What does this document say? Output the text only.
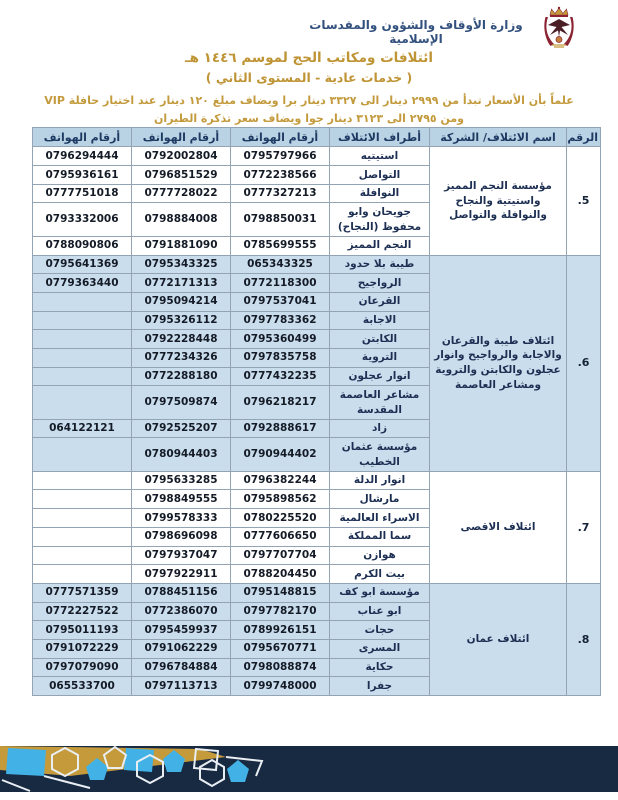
وزارة الأوقاف والشؤون والمقدسات الإسلامية
ائتلافات ومكاتب الحج لموسم ١٤٤٦ هـ
( خدمات عادية - المستوى الثاني )
علماً بأن الأسعار تبدأ من ٢٩٩٩ دينار الى ٣٣٢٧ دينار برا ويضاف مبلغ ١٢٠ دينار عند اختيار حافلة VIP
ومن ٢٧٩٥ الى ٣١٢٣ دينار جوا ويضاف سعر تذكرة الطيران
الرقم	اسم الائتلاف/ الشركة	أطراف الائتلاف	أرقام الهواتف	أرقام الهواتف	أرقام الهواتف
5.	مؤسسة النجم المميز واستيتية والنجاح والنوافلة والتواصل	استيتيه	0795797966	0792002804	0796294444
		التواصل	0772238566	0796851529	0795936161
		النوافلة	0777327213	0777728022	0777751018
		جويحان وابو محفوظ (النجاح)	0798850031	0798884008	0793332006
		النجم المميز	0785699555	0791881090	0788090806
6.	ائتلاف طيبة والقرعان والاجابة والرواجيح وانوار عجلون والكابتن والتروية ومشاعر العاصمة	طيبة بلا حدود	065343325	0795343325	0795641369
		الرواجيح	0772118300	0772171313	0779363440
		القرعان	0797537041	0795094214	
		الاجابة	0797783362	0795326112	
		الكابتن	0795360499	0792228448	
		التروية	0797835758	0777234326	
		انوار عجلون	0777432235	0772288180	
		مشاعر العاصمة المقدسة	0796218217	0797509874	
		زاد	0792888617	0792525207	064122121
		مؤسسة عثمان الخطيب	0790944402	0780944403	
7.	ائتلاف الاقصى	انوار الدلة	0796382244	0795633285	
		مارشال	0795898562	0798849555	
		الاسراء العالمية	0780225520	0799578333	
		سما المملكة	0777606650	0798696098	
		هوازن	0797707704	0797937047	
		بيت الكرم	0788204450	0797922911	
8.	ائتلاف عمان	مؤسسة ابو كف	0795148815	0788451156	0777571359
		ابو عناب	0797782170	0772386070	0772227522
		حجات	0789926151	0795459937	0795011193
		المسرى	0795670771	0791062229	0791072229
		حكاية	0798088874	0796784884	0797079090
		جفرا	0799748000	0797113713	065533700
